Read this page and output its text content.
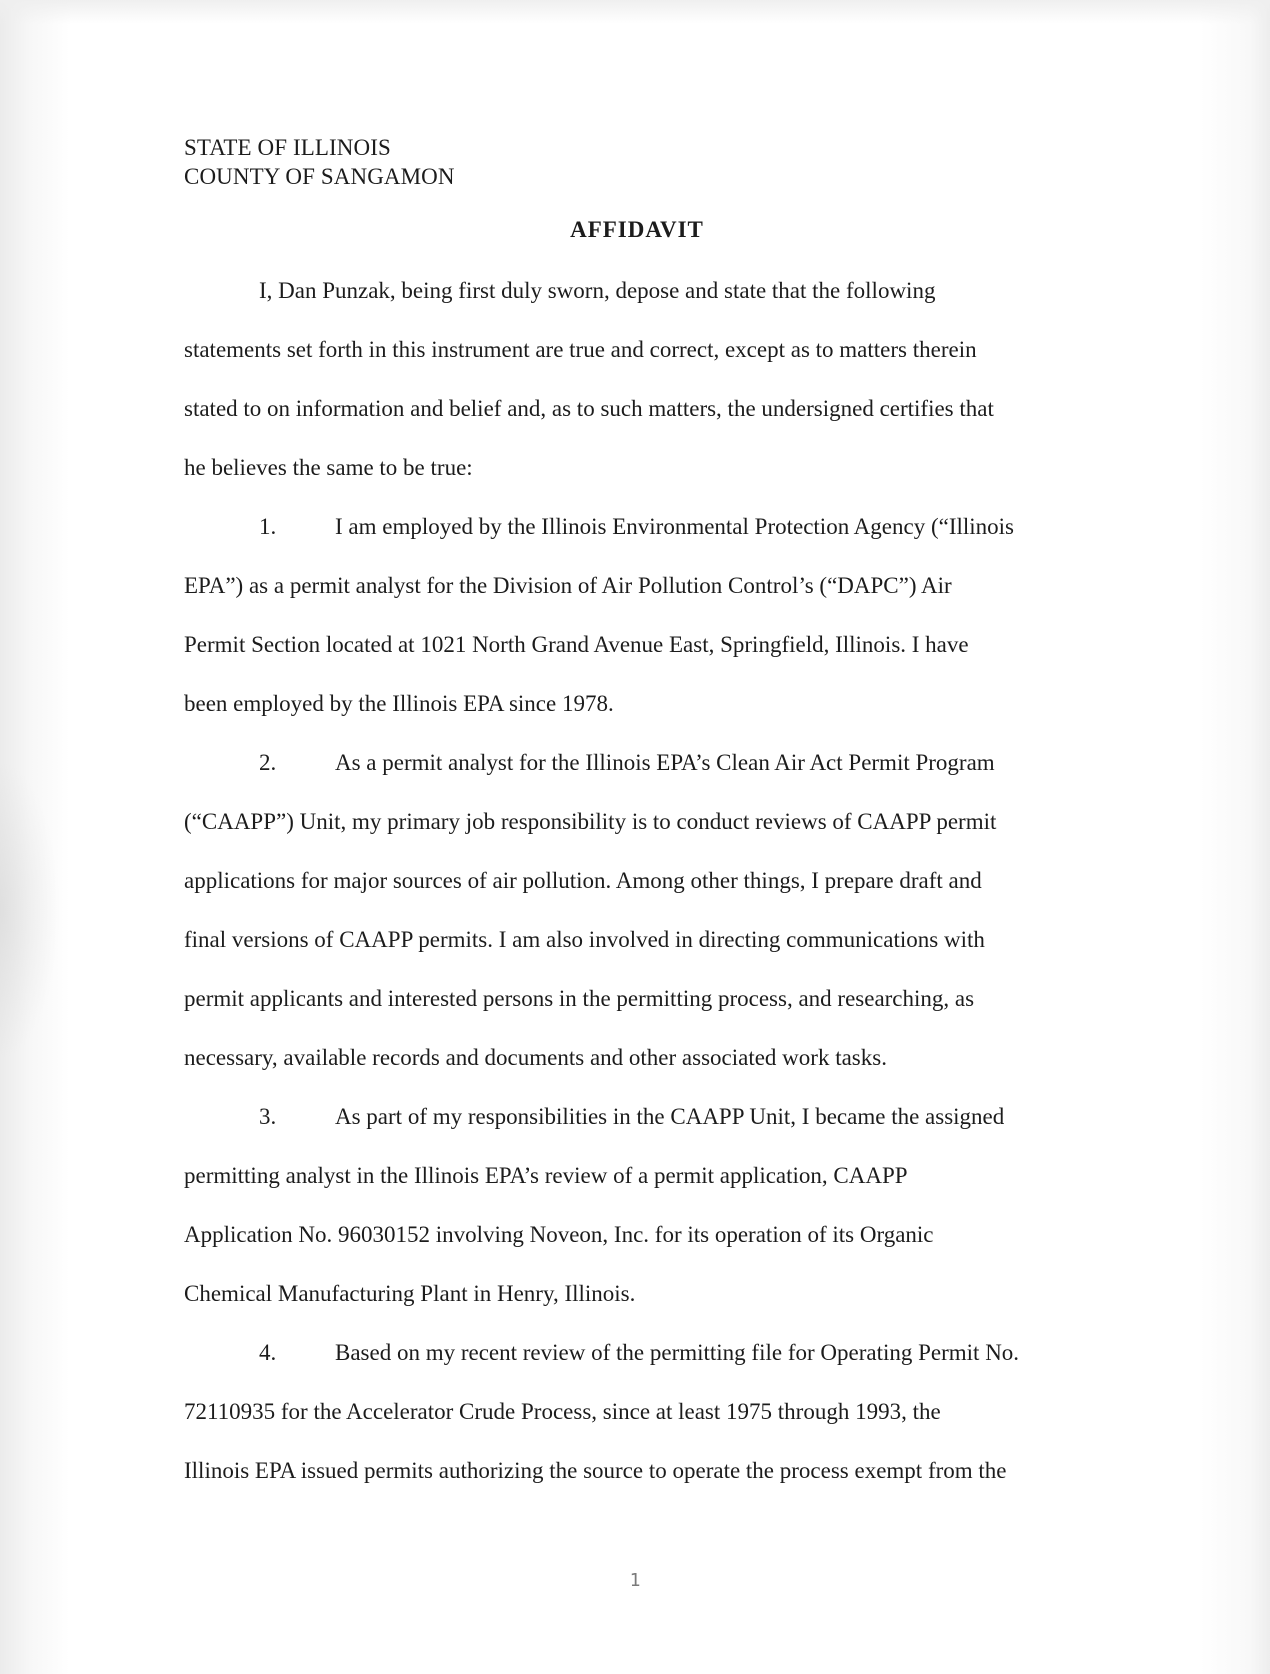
STATE OF ILLINOIS

COUNTY OF SANGAMON

AFFIDAVIT

I, Dan Punzak, being first duly sworn, depose and state that the following
statements set forth in this instrument are true and correct, except as to matters therein
stated to on information and belief and, as to such matters, the undersigned certifies that
he believes the same to be true:
1.	I am employed by the Illinois Environmental Protection Agency (“Illinois
EPA”) as a permit analyst for the Division of Air Pollution Control’s (“DAPC”) Air
Permit Section located at 1021 North Grand Avenue East, Springfield, Illinois. I have
been employed by the Illinois EPA since 1978.
2.	As a permit analyst for the Illinois EPA’s Clean Air Act Permit Program
(“CAAPP”) Unit, my primary job responsibility is to conduct reviews of CAAPP permit
applications for major sources of air pollution. Among other things, I prepare draft and
final versions of CAAPP permits. I am also involved in directing communications with
permit applicants and interested persons in the permitting process, and researching, as
necessary, available records and documents and other associated work tasks.
3.	As part of my responsibilities in the CAAPP Unit, I became the assigned
permitting analyst in the Illinois EPA’s review of a permit application, CAAPP
Application No. 96030152 involving Noveon, Inc. for its operation of its Organic
Chemical Manufacturing Plant in Henry, Illinois.
4.	Based on my recent review of the permitting file for Operating Permit No.
72110935 for the Accelerator Crude Process, since at least 1975 through 1993, the
Illinois EPA issued permits authorizing the source to operate the process exempt from the
1
